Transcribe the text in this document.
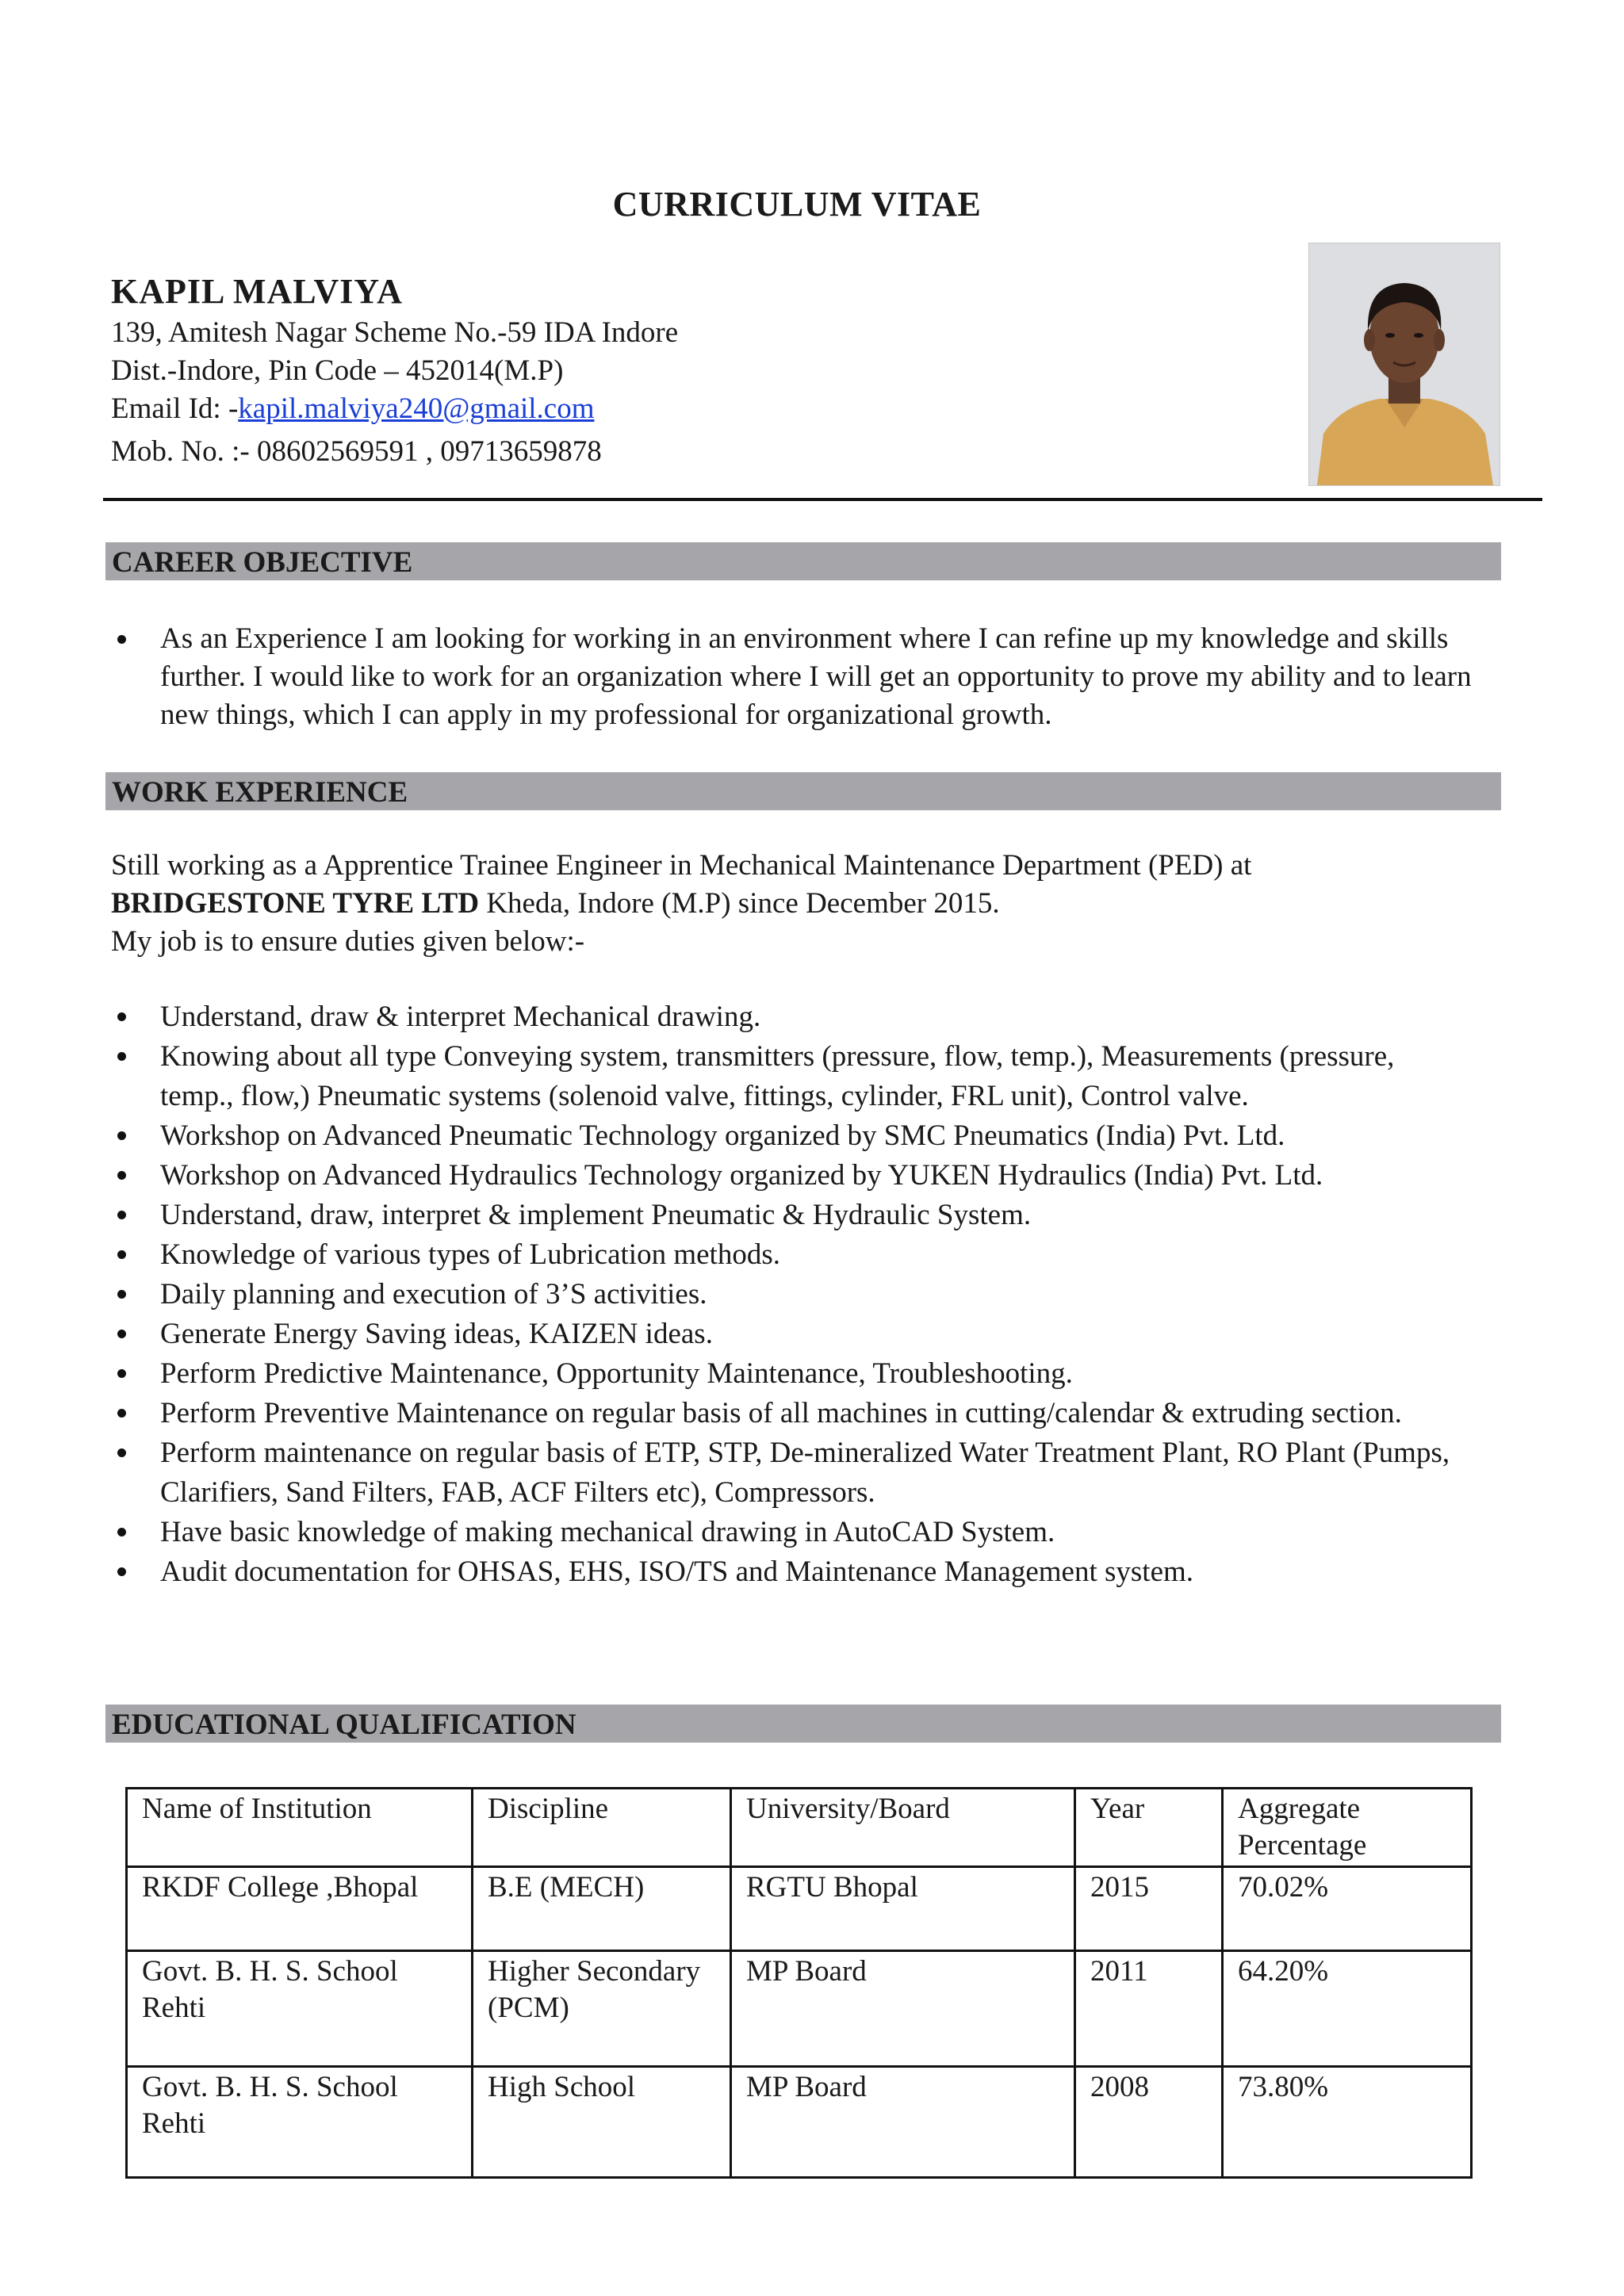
CURRICULUM VITAE
KAPIL MALVIYA
139, Amitesh Nagar Scheme No.-59 IDA Indore
Dist.-Indore, Pin Code – 452014(M.P)
Email Id: -kapil.malviya240@gmail.com
Mob. No. :- 08602569591 , 09713659878
CAREER OBJECTIVE
As an Experience I am looking for working in an environment where I can refine up my knowledge and skills further. I would like to work for an organization where I will get an opportunity to prove my ability and to learn new things, which I can apply in my professional for organizational growth.
WORK EXPERIENCE

Still working as a Apprentice Trainee Engineer in Mechanical Maintenance Department (PED) at
BRIDGESTONE TYRE LTD Kheda, Indore (M.P) since December 2015.

My job is to ensure duties given below:-

Understand, draw & interpret Mechanical drawing.
Knowing about all type Conveying system, transmitters (pressure, flow, temp.), Measurements (pressure, temp., flow,) Pneumatic systems (solenoid valve, fittings, cylinder, FRL unit), Control valve.
Workshop on Advanced Pneumatic Technology organized by SMC Pneumatics (India) Pvt. Ltd.
Workshop on Advanced Hydraulics Technology organized by YUKEN Hydraulics (India) Pvt. Ltd.
Understand, draw, interpret & implement Pneumatic & Hydraulic System.
Knowledge of various types of Lubrication methods.
Daily planning and execution of 3’S activities.
Generate Energy Saving ideas, KAIZEN ideas.
Perform Predictive Maintenance, Opportunity Maintenance, Troubleshooting.
Perform Preventive Maintenance on regular basis of all machines in cutting/calendar & extruding section.
Perform maintenance on regular basis of ETP, STP, De-mineralized Water Treatment Plant, RO Plant (Pumps, Clarifiers, Sand Filters, FAB, ACF Filters etc), Compressors.
Have basic knowledge of making mechanical drawing in AutoCAD System.
Audit documentation for OHSAS, EHS, ISO/TS and Maintenance Management system.
EDUCATIONAL QUALIFICATION
Name of Institution	Discipline	University/Board	Year	Aggregate Percentage
RKDF College ,Bhopal	B.E (MECH)	RGTU Bhopal	2015	70.02%
Govt. B. H. S. School Rehti	Higher Secondary (PCM)	MP Board	2011	64.20%
Govt. B. H. S. School Rehti	High School	MP Board	2008	73.80%
